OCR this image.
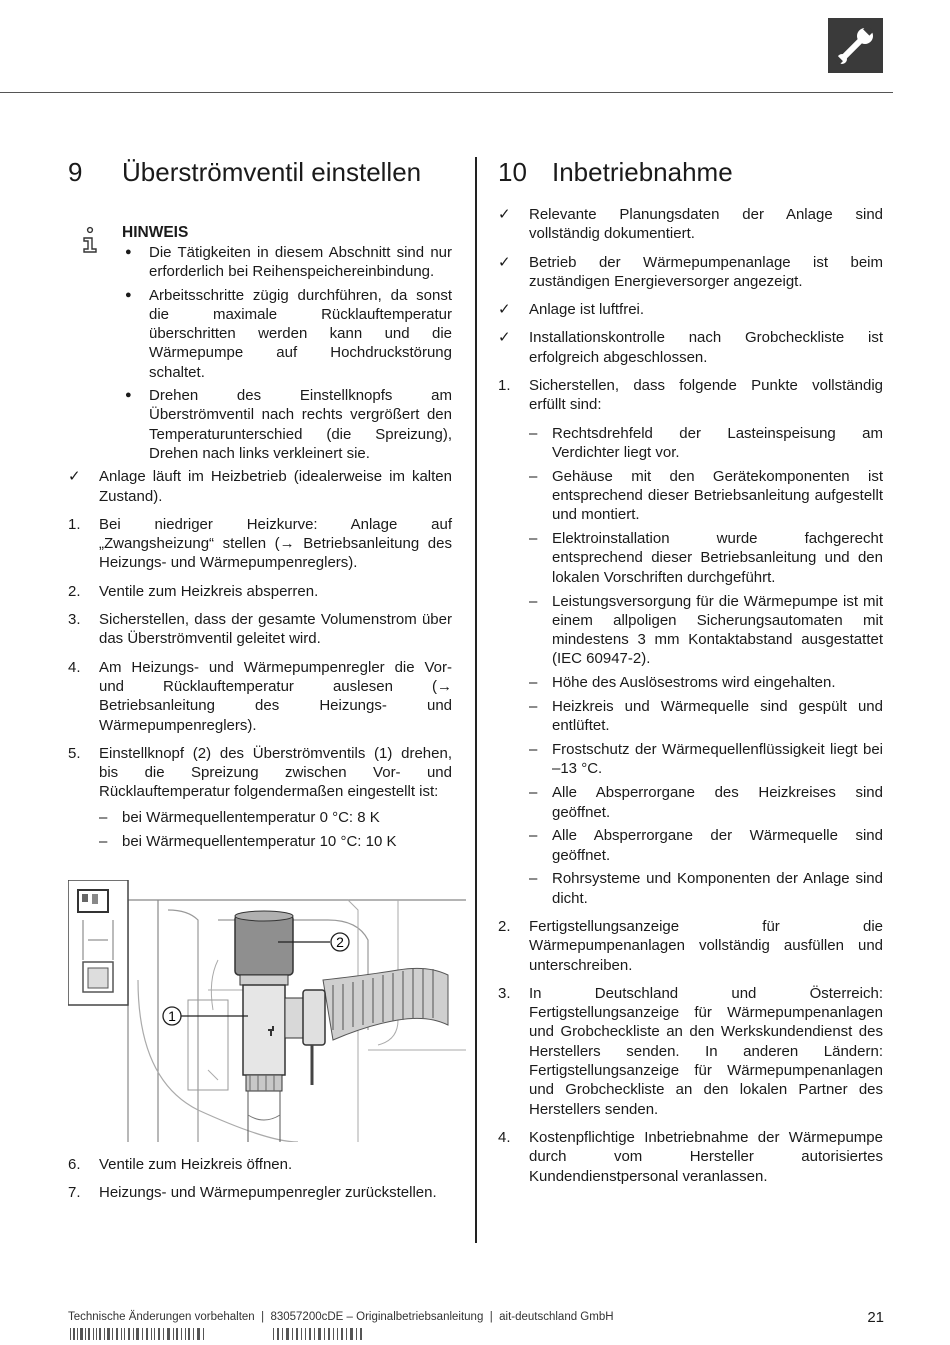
9 Überströmventil einstellen	10 Inbetriebnahme
HINWEIS
● Die Tätigkeiten in diesem Abschnitt sind nur erforderlich bei Reihenspeichereinbindung.
● Arbeitsschritte zügig durchführen, da sonst die maximale Rücklauftemperatur überschritten werden kann und die Wärmepumpe auf Hochdruckstörung schaltet.
● Drehen des Einstellknopfs am Überströmventil nach rechts vergrößert den Temperaturunterschied (die Spreizung), Drehen nach links verkleinert sie.
✓ Anlage läuft im Heizbetrieb (idealerweise im kalten Zustand).
1. Bei niedriger Heizkurve: Anlage auf „Zwangsheizung“ stellen (→ Betriebsanleitung des Heizungs- und Wärmepumpenreglers).
2. Ventile zum Heizkreis absperren.
3. Sicherstellen, dass der gesamte Volumenstrom über das Überströmventil geleitet wird.
4. Am Heizungs- und Wärmepumpenregler die Vor- und Rücklauftemperatur auslesen (→ Betriebsanleitung des Heizungs- und Wärmepumpenreglers).
5. Einstellknopf (2) des Überströmventils (1) drehen, bis die Spreizung zwischen Vor- und Rücklauftemperatur folgendermaßen eingestellt ist:
– bei Wärmequellentemperatur 0 °C: 8 K
– bei Wärmequellentemperatur 10 °C: 10 K
1
2
6. Ventile zum Heizkreis öffnen.
7. Heizungs- und Wärmepumpenregler zurückstellen.
✓ Relevante Planungsdaten der Anlage sind vollständig dokumentiert.
✓ Betrieb der Wärmepumpenanlage ist beim zuständigen Energieversorger angezeigt.
✓ Anlage ist luftfrei.
✓ Installationskontrolle nach Grobcheckliste ist erfolgreich abgeschlossen.
1. Sicherstellen, dass folgende Punkte vollständig erfüllt sind:
– Rechtsdrehfeld der Lasteinspeisung am Verdichter liegt vor.
– Gehäuse mit den Gerätekomponenten ist entsprechend dieser Betriebsanleitung aufgestellt und montiert.
– Elektroinstallation wurde fachgerecht entsprechend dieser Betriebsanleitung und den lokalen Vorschriften durchgeführt.
– Leistungsversorgung für die Wärmepumpe ist mit einem allpoligen Sicherungsautomaten mit mindestens 3 mm Kontaktabstand ausgestattet (IEC 60947-2).
– Höhe des Auslösestroms wird eingehalten.
– Heizkreis und Wärmequelle sind gespült und entlüftet.
– Frostschutz der Wärmequellenflüssigkeit liegt bei –13 °C.
– Alle Absperrorgane des Heizkreises sind geöffnet.
– Alle Absperrorgane der Wärmequelle sind geöffnet.
– Rohrsysteme und Komponenten der Anlage sind dicht.
2. Fertigstellungsanzeige für die Wärmepumpenanlagen vollständig ausfüllen und unterschreiben.
3. In Deutschland und Österreich: Fertigstellungsanzeige für Wärmepumpenanlagen und Grobcheckliste an den Werkskundendienst des Herstellers senden. In anderen Ländern: Fertigstellungsanzeige für Wärmepumpenanlagen und Grobcheckliste an den lokalen Partner des Herstellers senden.
4. Kostenpflichtige Inbetriebnahme der Wärmepumpe durch vom Hersteller autorisiertes Kundendienstpersonal veranlassen.
Technische Änderungen vorbehalten  |  83057200cDE – Originalbetriebsanleitung  |  ait-deutschland GmbH	21
